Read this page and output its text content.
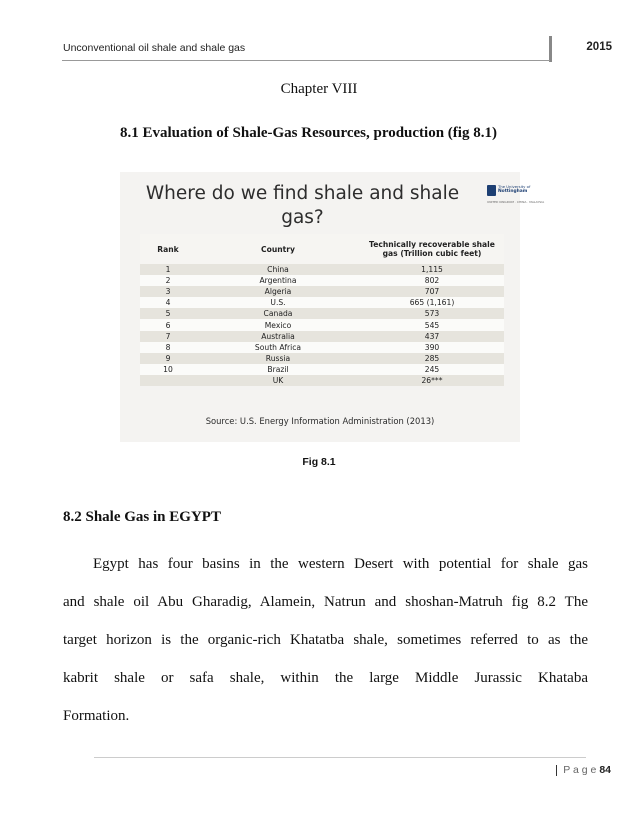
Unconventional oil shale and shale gas	2015
Chapter VIII
8.1 Evaluation of Shale-Gas Resources, production (fig 8.1)
Where do we find shale and shale gas?
The University of
Nottingham
UNITED KINGDOM · CHINA · MALAYSIA
Rank	Country	Technically recoverable shale gas (Trillion cubic feet)
1	China	1,115
2	Argentina	802
3	Algeria	707
4	U.S.	665 (1,161)
5	Canada	573
6	Mexico	545
7	Australia	437
8	South Africa	390
9	Russia	285
10	Brazil	245
	UK	26***
Source: U.S. Energy Information Administration (2013)
Fig 8.1
8.2 Shale Gas in EGYPT
Egypt has four basins in the western Desert with potential for shale gas
and shale oil Abu Gharadig, Alamein, Natrun and shoshan-Matruh fig 8.2 The
target horizon is the organic-rich Khatatba shale, sometimes referred to as the
kabrit shale or safa shale, within the large Middle Jurassic Khataba
Formation.
P a g e 84
